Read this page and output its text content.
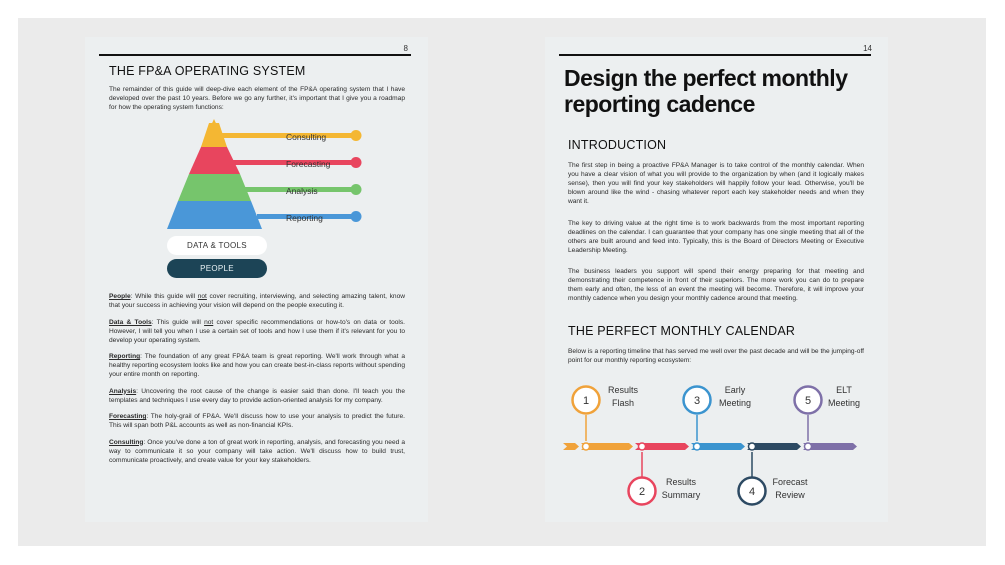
8
THE FP&A OPERATING SYSTEM
The remainder of this guide will deep-dive each element of the FP&A operating system that I have developed over the past 10 years. Before we go any further, it's important that I give you a roadmap for how the operating system functions:
Consulting
Forecasting
Analysis
Reporting
DATA & TOOLS
PEOPLE

People: While this guide will not cover recruiting, interviewing, and selecting amazing talent, know that your success in achieving your vision will depend on the people executing it.

Data & Tools: This guide will not cover specific recommendations or how-to's on data or tools. However, I will tell you when I use a certain set of tools and how I use them if it's relevant for you to develop your operating system.

Reporting: The foundation of any great FP&A team is great reporting. We'll work through what a healthy reporting ecosystem looks like and how you can create best-in-class reports without spending your entire month on reporting.

Analysis: Uncovering the root cause of the change is easier said than done. I'll teach you the templates and techniques I use every day to provide action-oriented analysis for my company.

Forecasting: The holy-grail of FP&A. We'll discuss how to use your analysis to predict the future. This will span both P&L accounts as well as non-financial KPIs.

Consulting: Once you've done a ton of great work in reporting, analysis, and forecasting you need a way to communicate it so your company will take action. We'll discuss how to build trust, communicate proactively, and create value for your key stakeholders.

14
Design the perfect monthly reporting cadence
INTRODUCTION
The first step in being a proactive FP&A Manager is to take control of the monthly calendar. When you have a clear vision of what you will provide to the organization by when (and it logically makes sense), then you will find your key stakeholders will happily follow your lead. Otherwise, you'll be blown around like the wind - chasing whatever report each key stakeholder needs and when they want it.
The key to driving value at the right time is to work backwards from the most important reporting deadlines on the calendar. I can guarantee that your company has one single meeting that all of the others are built around and feed into. Typically, this is the Board of Directors Meeting or Executive Leadership Meeting.
The business leaders you support will spend their energy preparing for that meeting and demonstrating their competence in front of their superiors. The more work you can do to prepare them early and often, the less of an event the meeting will become. Therefore, it will improve your monthly cadence when you design your monthly cadence around that meeting.
THE PERFECT MONTHLY CALENDAR
Below is a reporting timeline that has served me well over the past decade and will be the jumping-off point for our monthly reporting ecosystem:
1
Results
Flash
2
Results
Summary
3
Early
Meeting
4
Forecast
Review
5
ELT
Meeting
